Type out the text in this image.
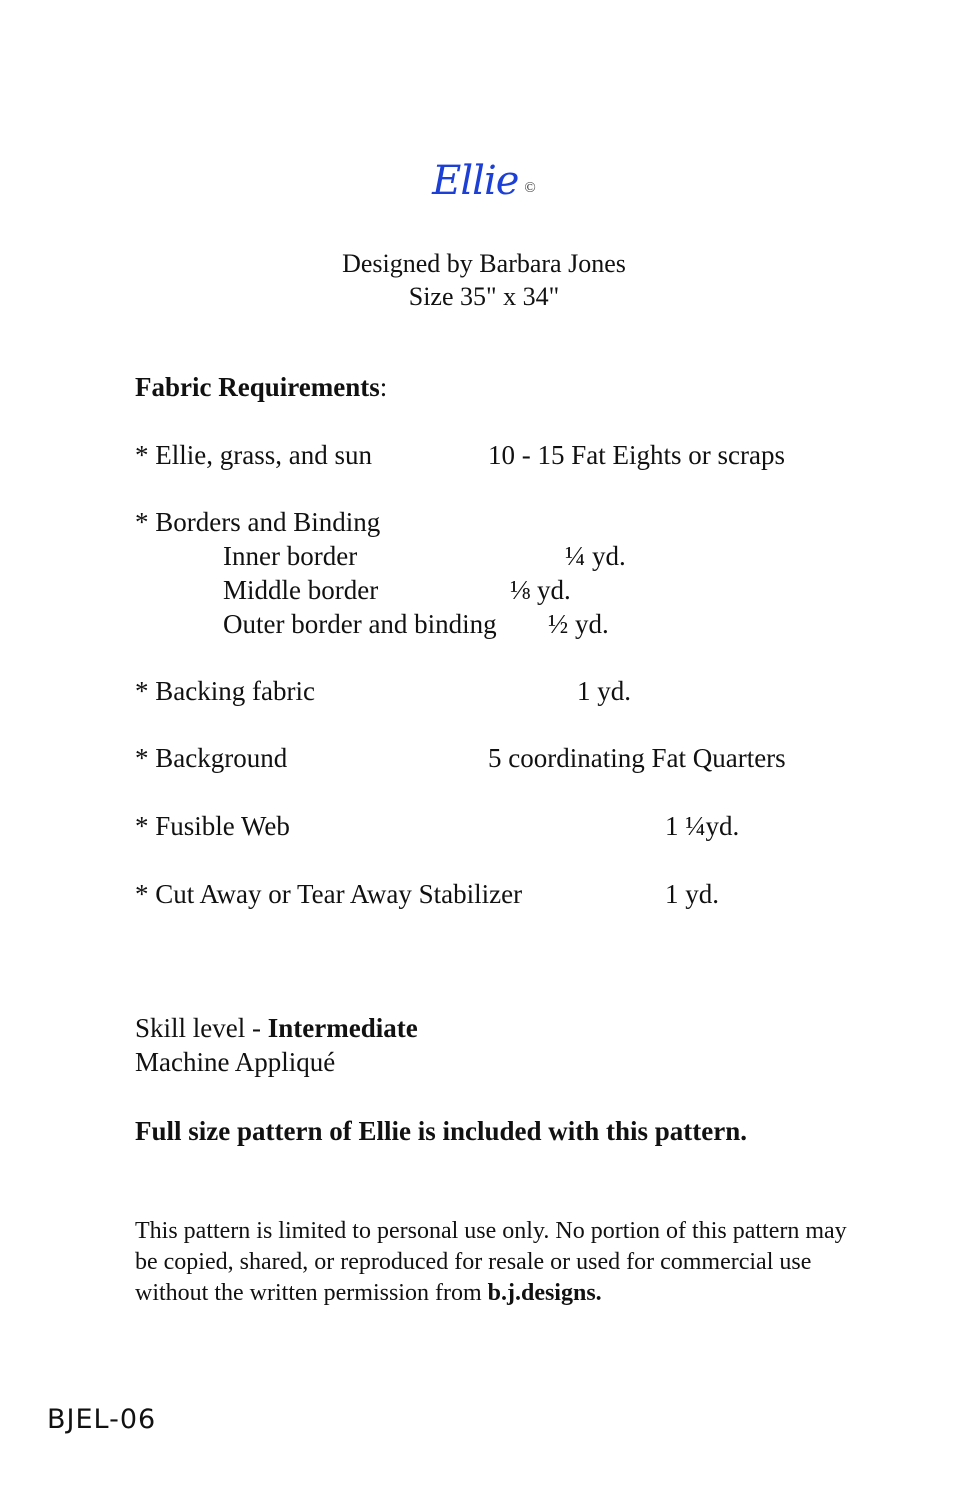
Ellie ©
Designed by Barbara Jones
Size 35" x 34"
Fabric Requirements:
* Ellie, grass, and sun	10 - 15 Fat Eights or scraps
* Borders and Binding
Inner border	¼ yd.
Middle border	⅛ yd.
Outer border and binding ½ yd.
* Backing fabric	1 yd.
* Background	5 coordinating Fat Quarters
* Fusible Web	1 ¼yd.
* Cut Away or Tear Away Stabilizer	1 yd.
Skill level - Intermediate
Machine Appliqué
Full size pattern of Ellie is included with this pattern.
This pattern is limited to personal use only. No portion of this pattern may be copied, shared, or reproduced for resale or used for commercial use without the written permission from b.j.designs.
BJEL-06
